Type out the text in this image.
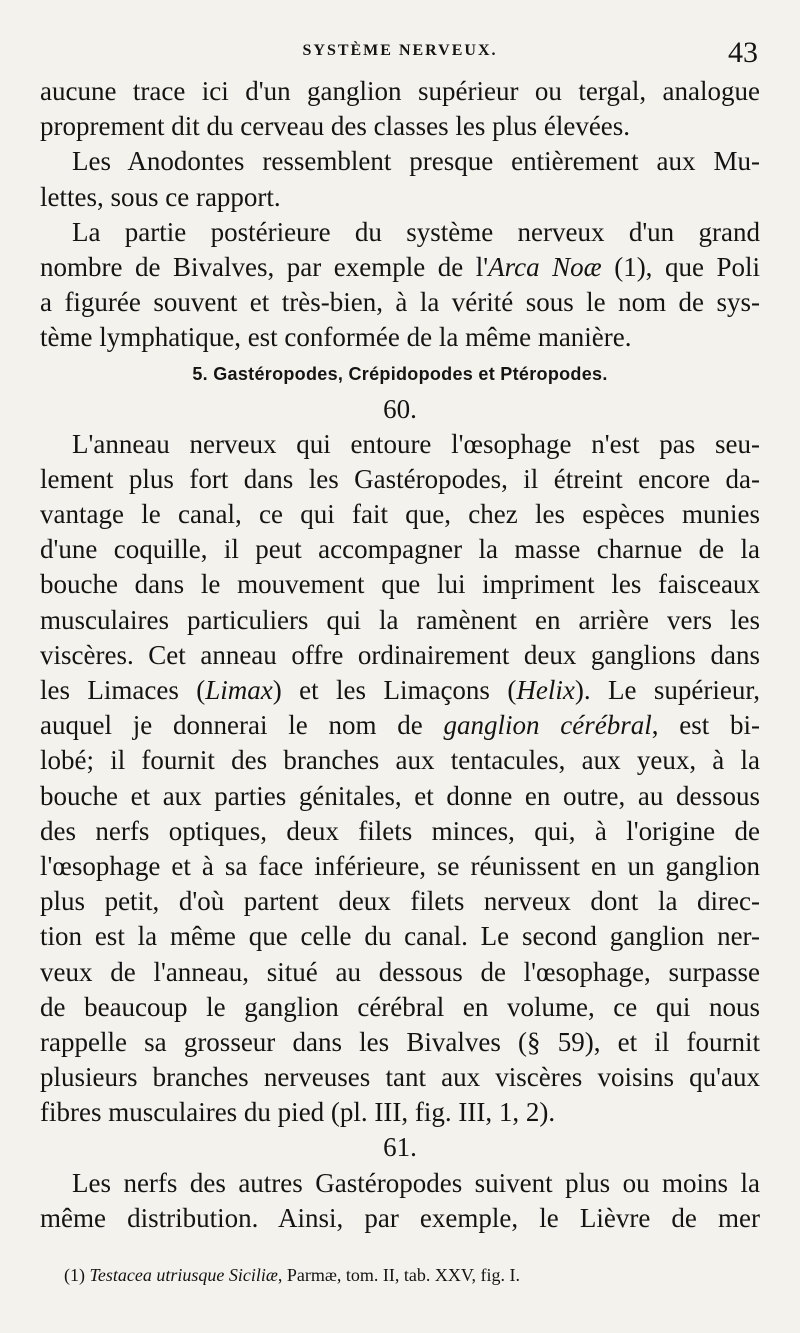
SYSTÈME NERVEUX.	43
aucune trace ici d'un ganglion supérieur ou tergal, analogue
proprement dit du cerveau des classes les plus élevées.
Les Anodontes ressemblent presque entièrement aux Mu-
lettes, sous ce rapport.
La partie postérieure du système nerveux d'un grand
nombre de Bivalves, par exemple de l'Arca Noæ (1), que Poli
a figurée souvent et très-bien, à la vérité sous le nom de sys-
tème lymphatique, est conformée de la même manière.
5. Gastéropodes, Crépidopodes et Ptéropodes.
60.
L'anneau nerveux qui entoure l'œsophage n'est pas seu-
lement plus fort dans les Gastéropodes, il étreint encore da-
vantage le canal, ce qui fait que, chez les espèces munies
d'une coquille, il peut accompagner la masse charnue de la
bouche dans le mouvement que lui impriment les faisceaux
musculaires particuliers qui la ramènent en arrière vers les
viscères. Cet anneau offre ordinairement deux ganglions dans
les Limaces (Limax) et les Limaçons (Helix). Le supérieur,
auquel je donnerai le nom de ganglion cérébral, est bi-
lobé; il fournit des branches aux tentacules, aux yeux, à la
bouche et aux parties génitales, et donne en outre, au dessous
des nerfs optiques, deux filets minces, qui, à l'origine de
l'œsophage et à sa face inférieure, se réunissent en un ganglion
plus petit, d'où partent deux filets nerveux dont la direc-
tion est la même que celle du canal. Le second ganglion ner-
veux de l'anneau, situé au dessous de l'œsophage, surpasse
de beaucoup le ganglion cérébral en volume, ce qui nous
rappelle sa grosseur dans les Bivalves (§ 59), et il fournit
plusieurs branches nerveuses tant aux viscères voisins qu'aux
fibres musculaires du pied (pl. III, fig. III, 1, 2).
61.
Les nerfs des autres Gastéropodes suivent plus ou moins la
même distribution. Ainsi, par exemple, le Lièvre de mer
(1) Testacea utriusque Siciliæ, Parmæ, tom. II, tab. XXV, fig. I.
